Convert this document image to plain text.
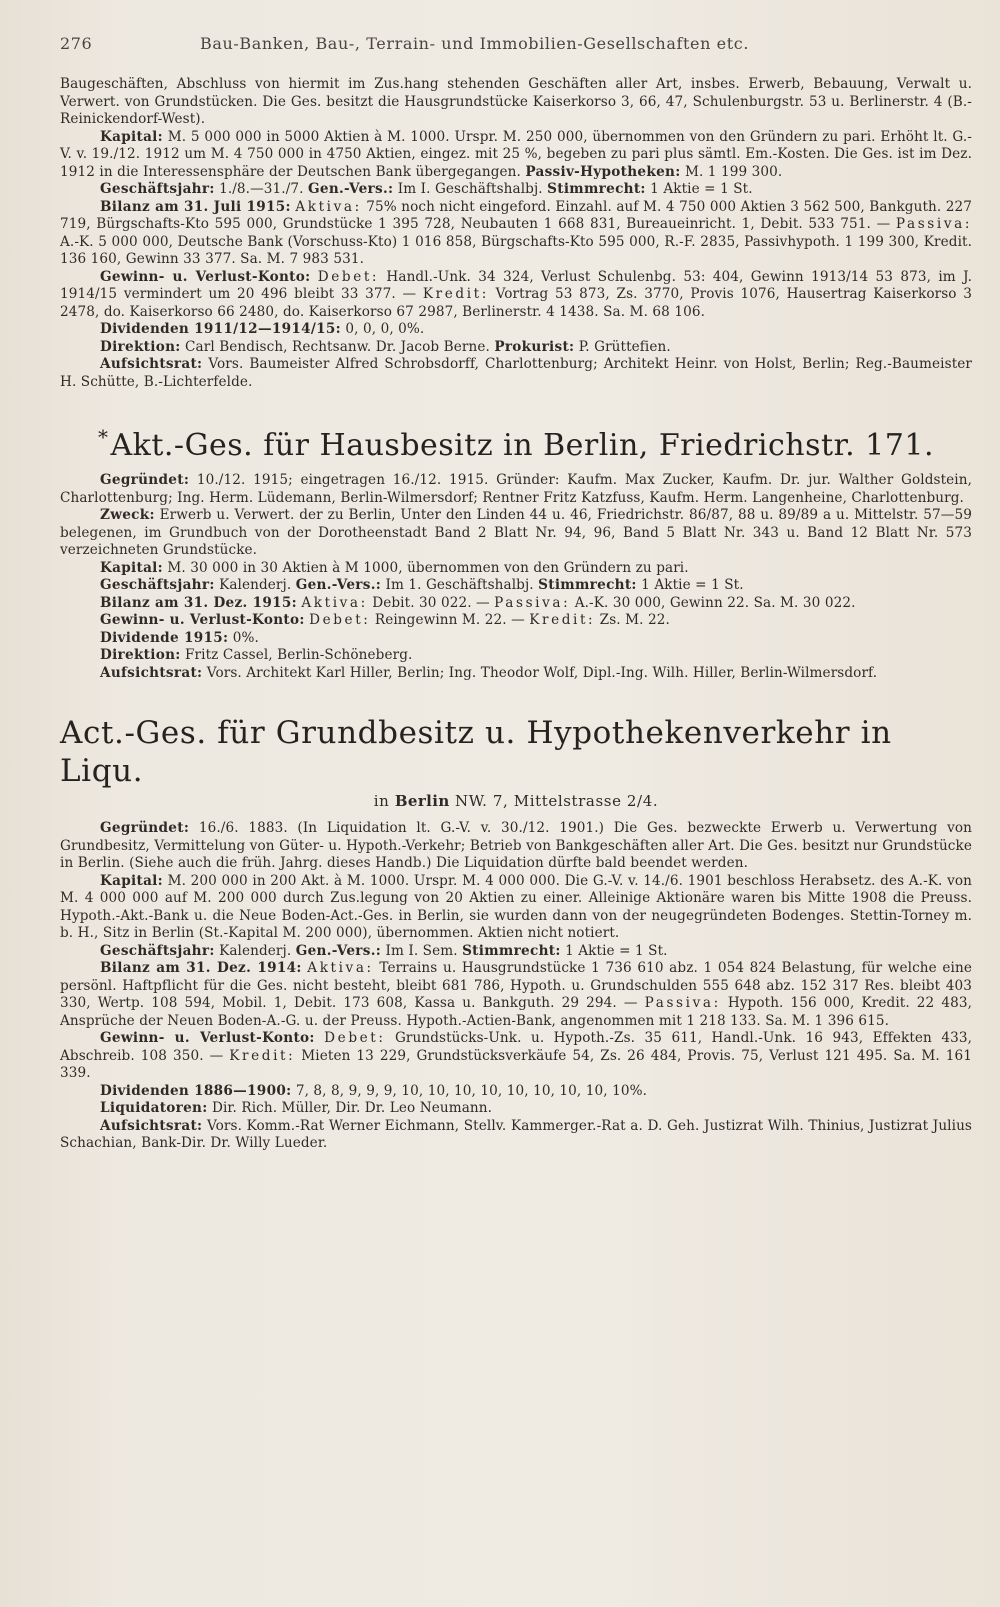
276	Bau-Banken, Bau-, Terrain- und Immobilien-Gesellschaften etc.

Baugeschäften, Abschluss von hiermit im Zus.hang stehenden Geschäften aller Art, insbes. Erwerb, Bebauung, Verwalt u. Verwert. von Grundstücken. Die Ges. besitzt die Hausgrundstücke Kaiserkorso 3, 66, 47, Schulenburgstr. 53 u. Berlinerstr. 4 (B.-Reinickendorf-West).

Kapital: M. 5 000 000 in 5000 Aktien à M. 1000. Urspr. M. 250 000, übernommen von den Gründern zu pari. Erhöht lt. G.-V. v. 19./12. 1912 um M. 4 750 000 in 4750 Aktien, eingez. mit 25 %, begeben zu pari plus sämtl. Em.-Kosten. Die Ges. ist im Dez. 1912 in die Interessensphäre der Deutschen Bank übergegangen. Passiv-Hypotheken: M. 1 199 300.

Geschäftsjahr: 1./8.—31./7. Gen.-Vers.: Im I. Geschäftshalbj. Stimmrecht: 1 Aktie = 1 St.

Bilanz am 31. Juli 1915: Aktiva: 75% noch nicht eingeford. Einzahl. auf M. 4 750 000 Aktien 3 562 500, Bankguth. 227 719, Bürgschafts-Kto 595 000, Grundstücke 1 395 728, Neubauten 1 668 831, Bureaueinricht. 1, Debit. 533 751. — Passiva: A.-K. 5 000 000, Deutsche Bank (Vorschuss-Kto) 1 016 858, Bürgschafts-Kto 595 000, R.-F. 2835, Passivhypoth. 1 199 300, Kredit. 136 160, Gewinn 33 377. Sa. M. 7 983 531.

Gewinn- u. Verlust-Konto: Debet: Handl.-Unk. 34 324, Verlust Schulenbg. 53: 404, Gewinn 1913/14 53 873, im J. 1914/15 vermindert um 20 496 bleibt 33 377. — Kredit: Vortrag 53 873, Zs. 3770, Provis 1076, Hausertrag Kaiserkorso 3 2478, do. Kaiserkorso 66 2480, do. Kaiserkorso 67 2987, Berlinerstr. 4 1438. Sa. M. 68 106.

Dividenden 1911/12—1914/15: 0, 0, 0, 0%.

Direktion: Carl Bendisch, Rechtsanw. Dr. Jacob Berne. Prokurist: P. Grüttefien.

Aufsichtsrat: Vors. Baumeister Alfred Schrobsdorff, Charlottenburg; Architekt Heinr. von Holst, Berlin; Reg.-Baumeister H. Schütte, B.-Lichterfelde.

*Akt.-Ges. für Hausbesitz in Berlin, Friedrichstr. 171.

Gegründet: 10./12. 1915; eingetragen 16./12. 1915. Gründer: Kaufm. Max Zucker, Kaufm. Dr. jur. Walther Goldstein, Charlottenburg; Ing. Herm. Lüdemann, Berlin-Wilmersdorf; Rentner Fritz Katzfuss, Kaufm. Herm. Langenheine, Charlottenburg.

Zweck: Erwerb u. Verwert. der zu Berlin, Unter den Linden 44 u. 46, Friedrichstr. 86/87, 88 u. 89/89 a u. Mittelstr. 57—59 belegenen, im Grundbuch von der Dorotheenstadt Band 2 Blatt Nr. 94, 96, Band 5 Blatt Nr. 343 u. Band 12 Blatt Nr. 573 verzeichneten Grundstücke.

Kapital: M. 30 000 in 30 Aktien à M 1000, übernommen von den Gründern zu pari.

Geschäftsjahr: Kalenderj. Gen.-Vers.: Im 1. Geschäftshalbj. Stimmrecht: 1 Aktie = 1 St.

Bilanz am 31. Dez. 1915: Aktiva: Debit. 30 022. — Passiva: A.-K. 30 000, Gewinn 22. Sa. M. 30 022.

Gewinn- u. Verlust-Konto: Debet: Reingewinn M. 22. — Kredit: Zs. M. 22.

Dividende 1915: 0%.

Direktion: Fritz Cassel, Berlin-Schöneberg.

Aufsichtsrat: Vors. Architekt Karl Hiller, Berlin; Ing. Theodor Wolf, Dipl.-Ing. Wilh. Hiller, Berlin-Wilmersdorf.

Act.-Ges. für Grundbesitz u. Hypothekenverkehr in Liqu.
in Berlin NW. 7, Mittelstrasse 2/4.

Gegründet: 16./6. 1883. (In Liquidation lt. G.-V. v. 30./12. 1901.) Die Ges. bezweckte Erwerb u. Verwertung von Grundbesitz, Vermittelung von Güter- u. Hypoth.-Verkehr; Betrieb von Bankgeschäften aller Art. Die Ges. besitzt nur Grundstücke in Berlin. (Siehe auch die früh. Jahrg. dieses Handb.) Die Liquidation dürfte bald beendet werden.

Kapital: M. 200 000 in 200 Akt. à M. 1000. Urspr. M. 4 000 000. Die G.-V. v. 14./6. 1901 beschloss Herabsetz. des A.-K. von M. 4 000 000 auf M. 200 000 durch Zus.legung von 20 Aktien zu einer. Alleinige Aktionäre waren bis Mitte 1908 die Preuss. Hypoth.-Akt.-Bank u. die Neue Boden-Act.-Ges. in Berlin, sie wurden dann von der neugegründeten Bodenges. Stettin-Torney m. b. H., Sitz in Berlin (St.-Kapital M. 200 000), übernommen. Aktien nicht notiert.

Geschäftsjahr: Kalenderj. Gen.-Vers.: Im I. Sem. Stimmrecht: 1 Aktie = 1 St.

Bilanz am 31. Dez. 1914: Aktiva: Terrains u. Hausgrundstücke 1 736 610 abz. 1 054 824 Belastung, für welche eine persönl. Haftpflicht für die Ges. nicht besteht, bleibt 681 786, Hypoth. u. Grundschulden 555 648 abz. 152 317 Res. bleibt 403 330, Wertp. 108 594, Mobil. 1, Debit. 173 608, Kassa u. Bankguth. 29 294. — Passiva: Hypoth. 156 000, Kredit. 22 483, Ansprüche der Neuen Boden-A.-G. u. der Preuss. Hypoth.-Actien-Bank, angenommen mit 1 218 133. Sa. M. 1 396 615.

Gewinn- u. Verlust-Konto: Debet: Grundstücks-Unk. u. Hypoth.-Zs. 35 611, Handl.-Unk. 16 943, Effekten 433, Abschreib. 108 350. — Kredit: Mieten 13 229, Grundstücksverkäufe 54, Zs. 26 484, Provis. 75, Verlust 121 495. Sa. M. 161 339.

Dividenden 1886—1900: 7, 8, 8, 9, 9, 9, 10, 10, 10, 10, 10, 10, 10, 10, 10%.

Liquidatoren: Dir. Rich. Müller, Dir. Dr. Leo Neumann.

Aufsichtsrat: Vors. Komm.-Rat Werner Eichmann, Stellv. Kammerger.-Rat a. D. Geh. Justizrat Wilh. Thinius, Justizrat Julius Schachian, Bank-Dir. Dr. Willy Lueder.
